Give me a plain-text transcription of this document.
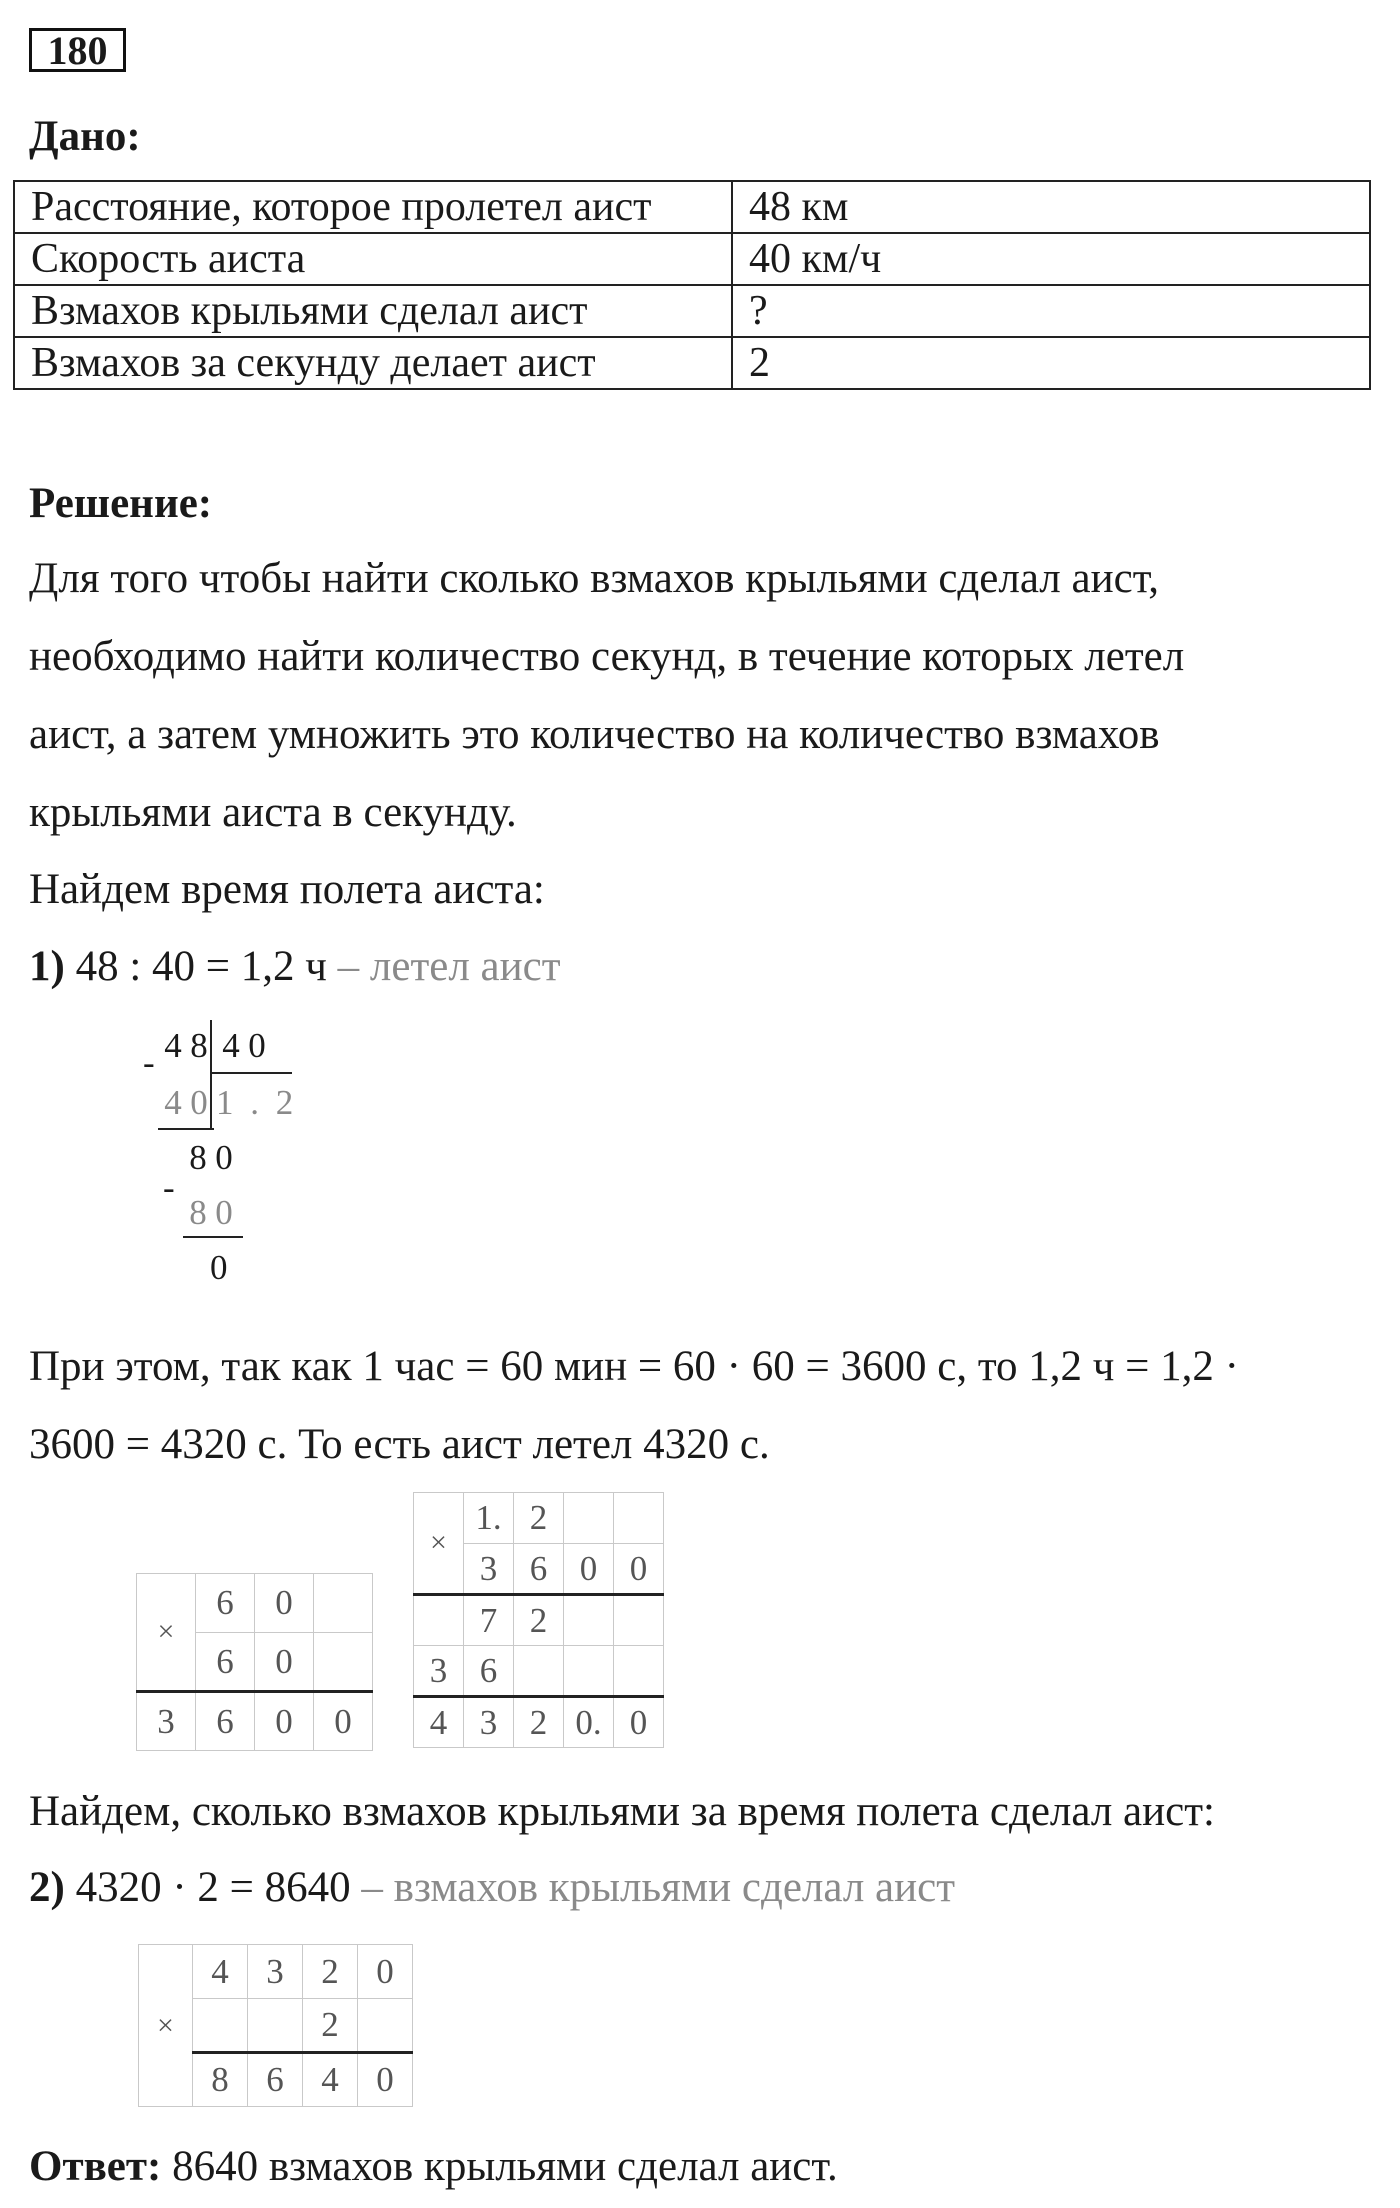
180
Дано:
Расстояние, которое пролетел аист	48 км
Скорость аиста	40 км/ч
Взмахов крыльями сделал аист	?
Взмахов за секунду делает аист	2
Решение:
Для того чтобы найти сколько взмахов крыльями сделал аист,
необходимо найти количество секунд, в течение которых летел
аист, а затем умножить это количество на количество взмахов
крыльями аиста в секунду.
Найдем время полета аиста:
1) 48 : 40 = 1,2 ч – летел аист
4 8 4 0
-
4 0 1 . 2
8 0
-
8 0
0
При этом, так как 1 час = 60 мин = 60 · 60 = 3600 с, то 1,2 ч = 1,2 ·
3600 = 4320 с. То есть аист летел 4320 с.
×	6	0	
	6	0	
3	6	0	0
×	1.	2		
	3	6	0	0
	7	2		
3	6			
4	3	2	0.	0
Найдем, сколько взмахов крыльями за время полета сделал аист:
2) 4320 · 2 = 8640 – взмахов крыльями сделал аист
×	4	3	2	0
			2	
	8	6	4	0
Ответ: 8640 взмахов крыльями сделал аист.
